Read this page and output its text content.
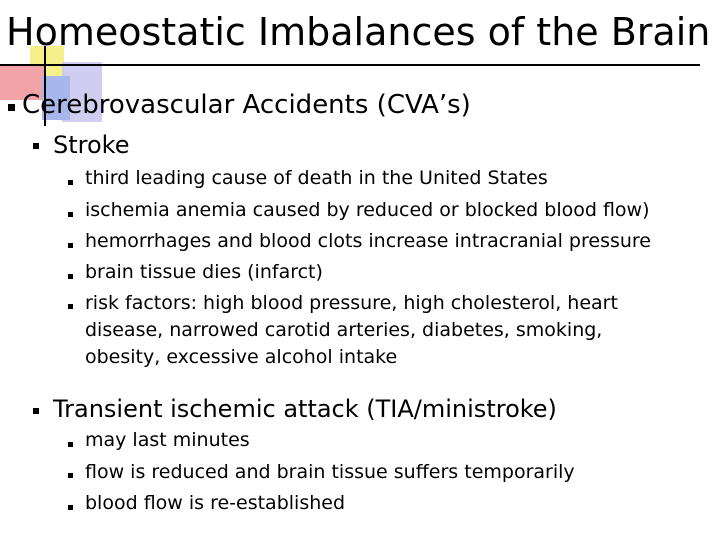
Homeostatic Imbalances of the Brain
Cerebrovascular Accidents (CVA’s)
Stroke
third leading cause of death in the United States
ischemia anemia caused by reduced or blocked blood flow)
hemorrhages and blood clots increase intracranial pressure
brain tissue dies (infarct)
risk factors: high blood pressure, high cholesterol, heart
disease, narrowed carotid arteries, diabetes, smoking,
obesity, excessive alcohol intake
Transient ischemic attack (TIA/ministroke)
may last minutes
flow is reduced and brain tissue suffers temporarily
blood flow is re-established
